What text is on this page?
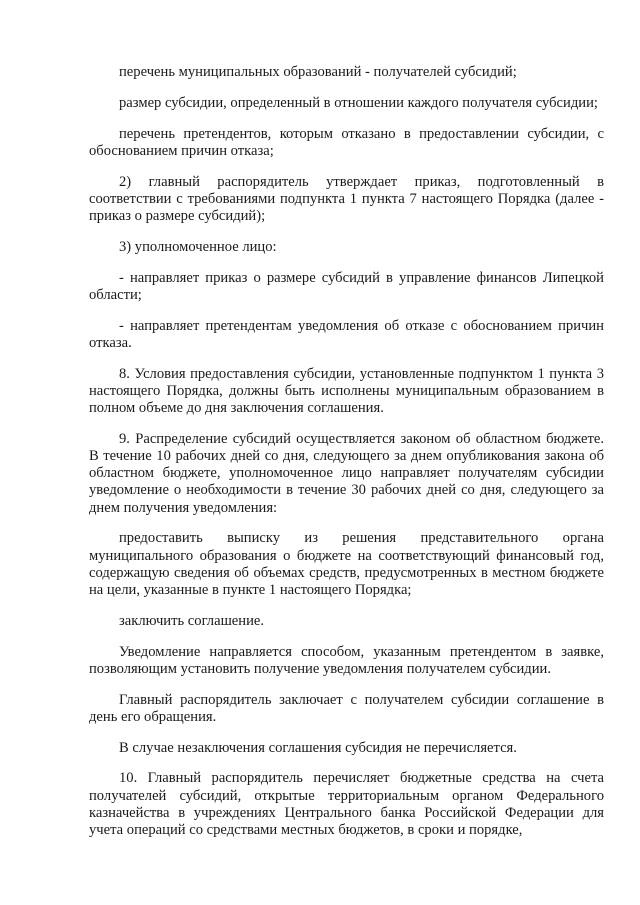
перечень муниципальных образований - получателей субсидий;

размер субсидии, определенный в отношении каждого получателя субсидии;

перечень претендентов, которым отказано в предоставлении субсидии, с обоснованием причин отказа;

2) главный распорядитель утверждает приказ, подготовленный в соответствии с требованиями подпункта 1 пункта 7 настоящего Порядка (далее - приказ о размере субсидий);

3) уполномоченное лицо:

- направляет приказ о размере субсидий в управление финансов Липецкой области;

- направляет претендентам уведомления об отказе с обоснованием причин отказа.

8. Условия предоставления субсидии, установленные подпунктом 1 пункта 3 настоящего Порядка, должны быть исполнены муниципальным образованием в полном объеме до дня заключения соглашения.

9. Распределение субсидий осуществляется законом об областном бюджете. В течение 10 рабочих дней со дня, следующего за днем опубликования закона об областном бюджете, уполномоченное лицо направляет получателям субсидии уведомление о необходимости в течение 30 рабочих дней со дня, следующего за днем получения уведомления:

предоставить выписку из решения представительного органа муниципального образования о бюджете на соответствующий финансовый год, содержащую сведения об объемах средств, предусмотренных в местном бюджете на цели, указанные в пункте 1 настоящего Порядка;

заключить соглашение.

Уведомление направляется способом, указанным претендентом в заявке, позволяющим установить получение уведомления получателем субсидии.

Главный распорядитель заключает с получателем субсидии соглашение в день его обращения.

В случае незаключения соглашения субсидия не перечисляется.

10. Главный распорядитель перечисляет бюджетные средства на счета получателей субсидий, открытые территориальным органом Федерального казначейства в учреждениях Центрального банка Российской Федерации для учета операций со средствами местных бюджетов, в сроки и порядке,
